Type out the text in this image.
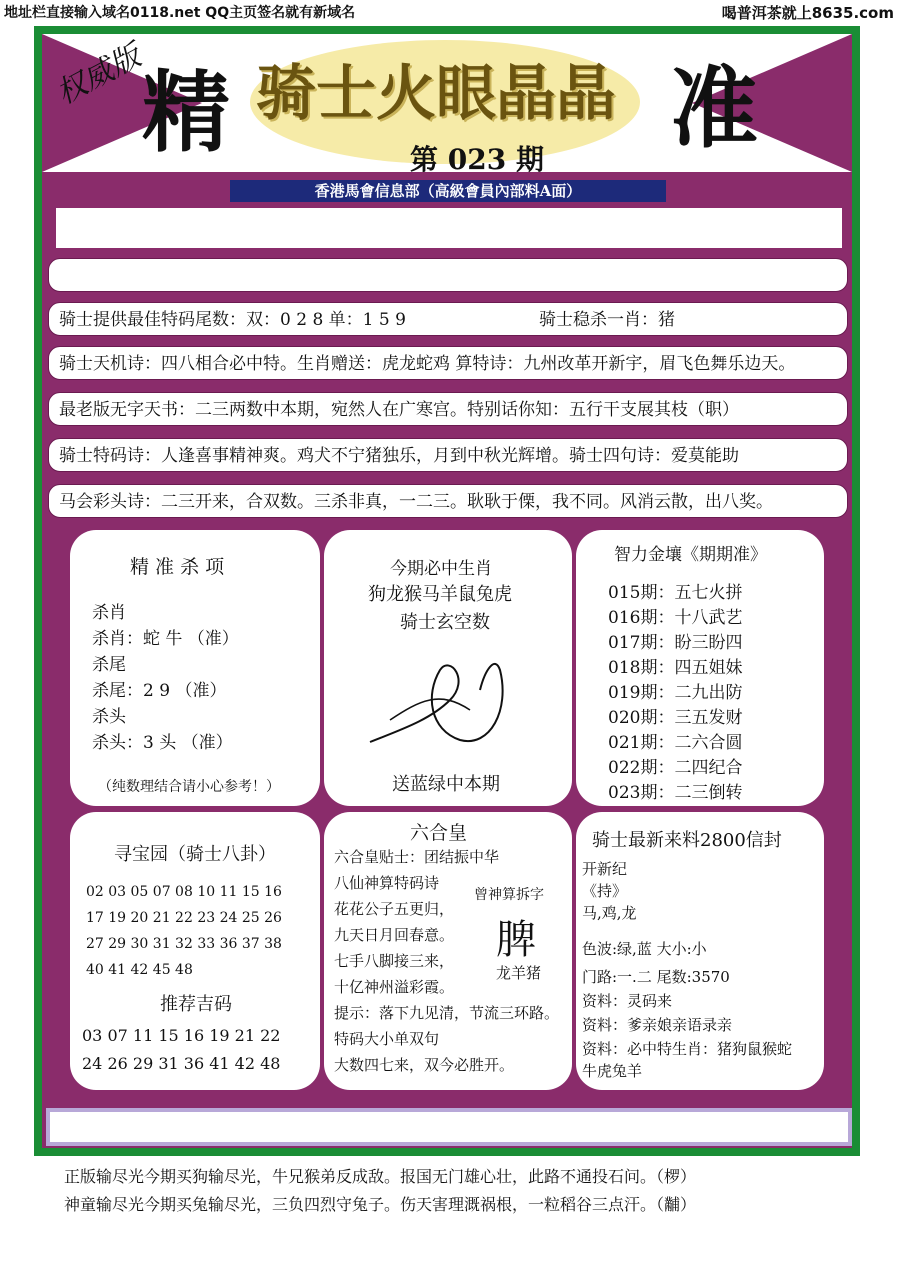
地址栏直接输入域名0118.net QQ主页签名就有新域名	喝普洱茶就上8635.com
权威版
精 骑士火眼晶晶
第 023 期 准
香港馬會信息部（高級會員內部料A面）
骑士提供最佳特码尾数：双：0 2 8 单：1 5 9	骑士稳杀一肖：猪
骑士天机诗：四八相合必中特。生肖赠送：虎龙蛇鸡 算特诗：九州改革开新宇，眉飞色舞乐边天。
最老版无字天书：二三两数中本期，宛然人在广寒宫。特别话你知：五行干支展其枝（职）
骑士特码诗：人逢喜事精神爽。鸡犬不宁猪独乐，月到中秋光辉增。骑士四句诗：爱莫能助
马会彩头诗：二三开来，合双数。三杀非真，一二三。耿耿于傈，我不同。风消云散，出八奖。
精 准 杀 项
杀肖
杀肖：蛇 牛 （准）
杀尾
杀尾：2 9 （准）
杀头
杀头：3 头 （准）
（纯数理结合请小心参考！）
今期必中生肖
狗龙猴马羊鼠兔虎
骑士玄空数
送蓝绿中本期
智力金壤《期期准》
015期：五七火拼
016期：十八武艺
017期：盼三盼四
018期：四五姐妹
019期：二九出防
020期：三五发财
021期：二六合圆
022期：二四纪合
023期：二三倒转
寻宝园（骑士八卦）
02 03 05 07 08 10 11 15 16
17 19 20 21 22 23 24 25 26
27 29 30 31 32 33 36 37 38
40 41 42 45 48
推荐吉码
03 07 11 15 16 19 21 22
24 26 29 31 36 41 42 48
六合皇
六合皇贴士：团结振中华
八仙神算特码诗
花花公子五更归，
九天日月回春意。
七手八脚接三来，
十亿神州溢彩霞。
提示：落下九见清，节流三环路。
特码大小单双句
大数四七来，双今必胜开。
曾神算拆字
脾
龙羊猪
骑士最新来料2800信封
开新纪
《持》
马,鸡,龙
色波:绿,蓝 大小:小
门路:一.二 尾数:3570
资料：灵码来
资料：爹亲娘亲语录亲
资料：必中特生肖：猪狗鼠猴蛇
牛虎兔羊
正版输尽光今期买狗输尽光，牛兄猴弟反成敌。报国无门雄心壮，此路不通投石问。（椤）
神童输尽光今期买兔输尽光，三负四烈守兔子。伤天害理溉祸根，一粒稻谷三点汗。（黼）
